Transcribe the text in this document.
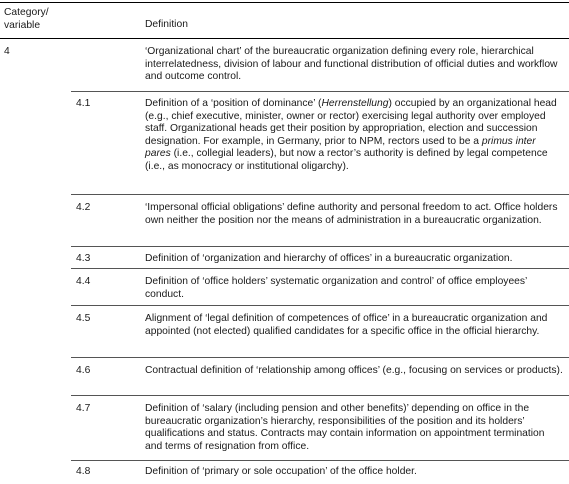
Category/
variable	Definition
4	‘Organizational chart’ of the bureaucratic organization defining every role, hierarchical interrelatedness, division of labour and functional distribution of official duties and workflow and outcome control.
4.1	Definition of a ‘position of dominance’ (Herrenstellung) occupied by an organizational head (e.g., chief executive, minister, owner or rector) exercising legal authority over employed staff. Organizational heads get their position by appropriation, election and succession designation. For example, in Germany, prior to NPM, rectors used to be a primus inter pares (i.e., collegial leaders), but now a rector’s authority is defined by legal competence (i.e., as monocracy or institutional oligarchy).
4.2	‘Impersonal official obligations’ define authority and personal freedom to act. Office holders own neither the position nor the means of administration in a bureaucratic organization.
4.3	Definition of ‘organization and hierarchy of offices’ in a bureaucratic organization.
4.4	Definition of ‘office holders’ systematic organization and control’ of office employees’ conduct.
4.5	Alignment of ‘legal definition of competences of office’ in a bureaucratic organization and appointed (not elected) qualified candidates for a specific office in the official hierarchy.
4.6	Contractual definition of ‘relationship among offices’ (e.g., focusing on services or products).
4.7	Definition of ‘salary (including pension and other benefits)’ depending on office in the bureaucratic organization’s hierarchy, responsibilities of the position and its holders’ qualifications and status. Contracts may contain information on appointment termination and terms of resignation from office.
4.8	Definition of ‘primary or sole occupation’ of the office holder.
